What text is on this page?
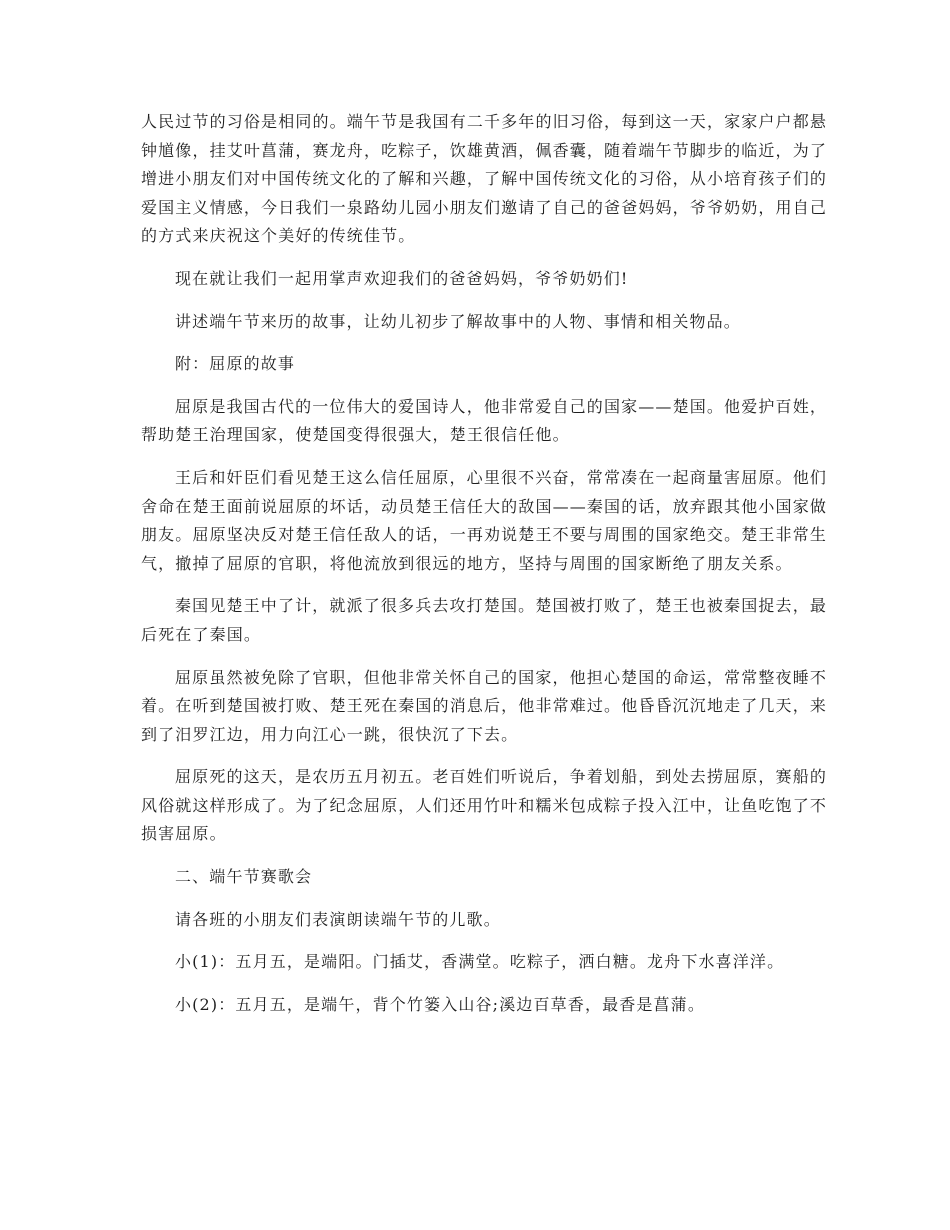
人民过节的习俗是相同的。端午节是我国有二千多年的旧习俗，每到这一天，家家户户都悬钟馗像，挂艾叶菖蒲，赛龙舟，吃粽子，饮雄黄酒，佩香囊，随着端午节脚步的临近，为了增进小朋友们对中国传统文化的了解和兴趣，了解中国传统文化的习俗，从小培育孩子们的爱国主义情感，今日我们一泉路幼儿园小朋友们邀请了自己的爸爸妈妈，爷爷奶奶，用自己的方式来庆祝这个美好的传统佳节。

现在就让我们一起用掌声欢迎我们的爸爸妈妈，爷爷奶奶们!

讲述端午节来历的故事，让幼儿初步了解故事中的人物、事情和相关物品。

附：屈原的故事

屈原是我国古代的一位伟大的爱国诗人，他非常爱自己的国家——楚国。他爱护百姓，帮助楚王治理国家，使楚国变得很强大，楚王很信任他。

王后和奸臣们看见楚王这么信任屈原，心里很不兴奋，常常凑在一起商量害屈原。他们舍命在楚王面前说屈原的坏话，动员楚王信任大的敌国——秦国的话，放弃跟其他小国家做朋友。屈原坚决反对楚王信任敌人的话，一再劝说楚王不要与周围的国家绝交。楚王非常生气，撤掉了屈原的官职，将他流放到很远的地方，坚持与周围的国家断绝了朋友关系。

秦国见楚王中了计，就派了很多兵去攻打楚国。楚国被打败了，楚王也被秦国捉去，最后死在了秦国。

屈原虽然被免除了官职，但他非常关怀自己的国家，他担心楚国的命运，常常整夜睡不着。在听到楚国被打败、楚王死在秦国的消息后，他非常难过。他昏昏沉沉地走了几天，来到了汨罗江边，用力向江心一跳，很快沉了下去。

屈原死的这天，是农历五月初五。老百姓们听说后，争着划船，到处去捞屈原，赛船的风俗就这样形成了。为了纪念屈原，人们还用竹叶和糯米包成粽子投入江中，让鱼吃饱了不损害屈原。

二、端午节赛歌会

请各班的小朋友们表演朗读端午节的儿歌。

小(1)：五月五，是端阳。门插艾，香满堂。吃粽子，洒白糖。龙舟下水喜洋洋。

小(2)：五月五，是端午，背个竹篓入山谷;溪边百草香，最香是菖蒲。
